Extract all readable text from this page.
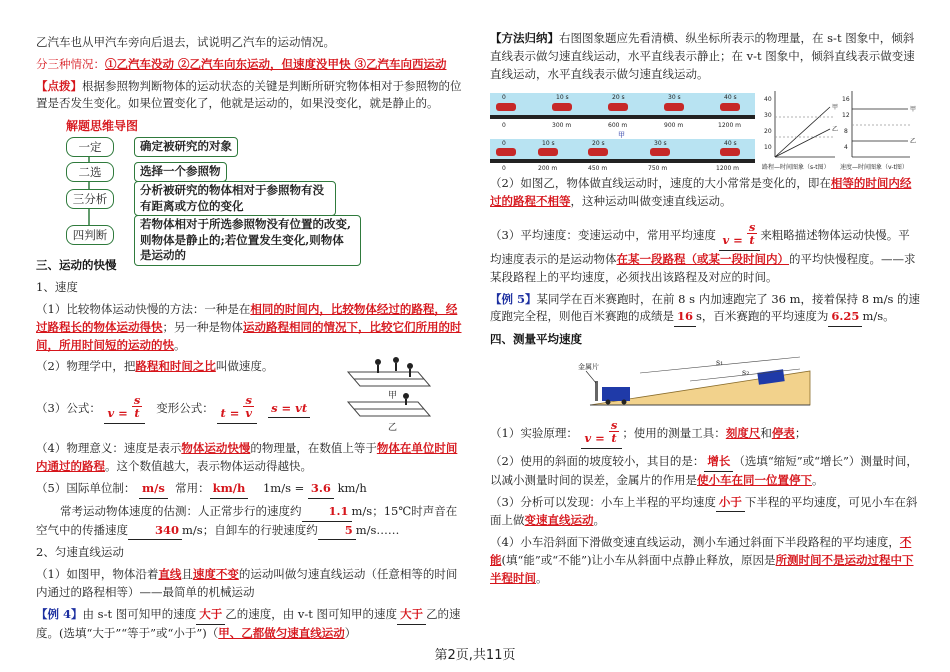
乙汽车也从甲汽车旁向后退去，试说明乙汽车的运动情况。

分三种情况：①乙汽车没动 ②乙汽车向东运动，但速度没甲快 ③乙汽车向西运动

【点拨】根据参照物判断物体的运动状态的关键是判断所研究物体相对于参照物的位置是否发生变化。如果位置变化了，他就是运动的，如果没变化，就是静止的。

解题思维导图
一定
二选
三分析
四判断
确定被研究的对象
选择一个参照物
分析被研究的物体相对于参照物有没有距离或方位的变化
若物体相对于所选参照物没有位置的改变,则物体是静止的;若位置发生变化,则物体是运动的
三、运动的快慢

1、速度

（1）比较物体运动快慢的方法：一种是在相同的时间内，比较物体经过的路程，经过路程长的物体运动得快；另一种是物体运动路程相同的情况下，比较它们所用的时间，所用时间短的运动的快。

（2）物理学中，把路程和时间之比叫做速度。

（3）公式： $v = \frac{s}{t}$ 变形公式： $t = \frac{s}{v}$ s = vt

甲
乙

（4）物理意义：速度是表示物体运动快慢的物理量，在数值上等于物体在单位时间内通过的路程。这个数值越大，表示物体运动得越快。

（5）国际单位制： m/s 常用： km/h 1m/s = 3.6 km/h

常考运动物体速度的估测：人正常步行的速度约 1.1 m/s；15℃时声音在空气中的传播速度 340 m/s；自卸车的行驶速度约 5 m/s……

2、匀速直线运动

（1）如图甲，物体沿着直线且速度不变的运动叫做匀速直线运动（任意相等的时间内通过的路程相等）——最简单的机械运动

【例 4】由 s-t 图可知甲的速度 大于 乙的速度，由 v-t 图可知甲的速度 大于 乙的速度。(选填“大于”“等于”或“小于”)（甲、乙都做匀速直线运动）

【方法归纳】右图图象题应先看清横、纵坐标所表示的物理量，在 s-t 图象中，倾斜直线表示做匀速直线运动，水平直线表示静止；在 v-t 图象中，倾斜直线表示做变速直线运动，水平直线表示做匀速直线运动。

0	10 s	20 s	30 s	40 s
0	300 m	600 m	900 m	1200 m
甲
0	10 s	20 s	30 s	40 s
0	200 m	450 m	750 m	1200 m
40
30
20
10
甲
乙
路程—时间图象（s-t图）
16
12
8
4
甲
乙
速度—时间图象（v-t图）

（2）如图乙，物体做直线运动时，速度的大小常常是变化的，即在相等的时间内经过的路程不相等，这种运动叫做变速直线运动。

（3）平均速度：变速运动中，常用平均速度 $v = \frac{s}{t}$ 来粗略描述物体运动快慢。平均速度表示的是运动物体在某一段路程（或某一段时间内）的平均快慢程度。——求某段路程上的平均速度，必须找出该路程及对应的时间。

【例 5】某同学在百米赛跑时，在前 8 s 内加速跑完了 36 m，接着保持 8 m/s 的速度跑完全程，则他百米赛跑的成绩是 16 s，百米赛跑的平均速度为 6.25 m/s。

四、测量平均速度
金属片	s₁
s₂

（1）实验原理： $v = \frac{s}{t}$ ；使用的测量工具：刻度尺和停表；

（2）使用的斜面的坡度较小，其目的是： 增长 （选填“缩短”或“增长”）测量时间，以减小测量时间的误差，金属片的作用是使小车在同一位置停下。

（3）分析可以发现：小车上半程的平均速度 小于 下半程的平均速度，可见小车在斜面上做变速直线运动。

（4）小车沿斜面下滑做变速直线运动，测小车通过斜面下半段路程的平均速度，不能(填“能”或“不能”)让小车从斜面中点静止释放，原因是所测时间不是运动过程中下半程时间。

第2页,共11页
